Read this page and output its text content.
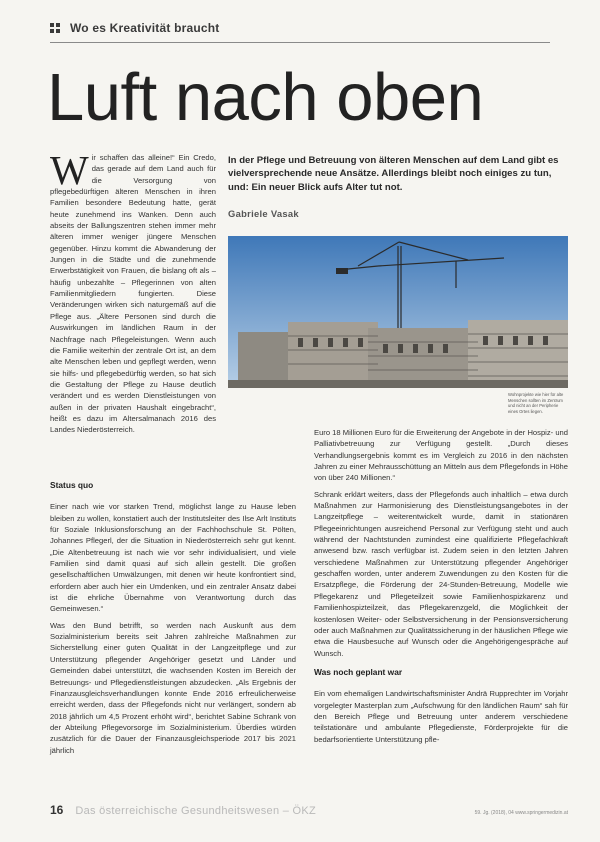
Wo es Kreativität braucht
Luft nach oben

Wir schaffen das alleine!“ Ein Credo, das gerade auf dem Land auch für die Versorgung von pflegebedürftigen älteren Menschen in ihren Familien besondere Bedeutung hatte, gerät heute zunehmend ins Wanken. Denn auch abseits der Ballungszentren stehen immer mehr älteren immer weniger jüngere Menschen gegenüber. Hinzu kommt die Abwanderung der Jungen in die Städte und die zunehmende Erwerbstätigkeit von Frauen, die bislang oft als – häufig unbezahlte – Pflegerinnen von alten Familienmitgliedern fungierten. Diese Veränderungen wirken sich naturgemäß auf die Pflege aus. „Ältere Personen sind durch die Auswirkungen im ländlichen Raum in der Nachfrage nach Pflegeleistungen. Wenn auch die Familie weiterhin der zentrale Ort ist, an dem alte Menschen leben und gepflegt werden, wenn sie hilfs- und pflegebedürftig werden, so hat sich die Gestaltung der Pflege zu Hause deutlich verändert und es werden Dienstleistungen von außen in der privaten Haushalt eingebracht“, heißt es dazu im Altersalmanach 2016 des Landes Niederösterreich.

In der Pflege und Betreuung von älteren Menschen auf dem Land gibt es vielversprechende neue Ansätze. Allerdings bleibt noch einiges zu tun, und: Ein neuer Blick aufs Alter tut not.
Gabriele Vasak
Wohnprojekte wie hier für alte Menschen sollten im Zentrum und nicht an der Peripherie eines Ortes liegen.
Status quo

Einer nach wie vor starken Trend, möglichst lange zu Hause leben bleiben zu wollen, konstatiert auch der Institutsleiter des Ilse Arlt Instituts für Soziale Inklusionsforschung an der Fachhochschule St. Pölten, Johannes Pflegerl, der die Situation in Niederösterreich sehr gut kennt. „Die Altenbetreuung ist nach wie vor sehr individualisiert, und viele Familien sind damit quasi auf sich allein gestellt. Die großen gesellschaftlichen Umwälzungen, mit denen wir heute konfrontiert sind, erfordern aber auch hier ein Umdenken, und ein zentraler Ansatz dabei ist die ehrliche Übernahme von Verantwortung durch das Gemeinwesen.“

Was den Bund betrifft, so werden nach Auskunft aus dem Sozialministerium bereits seit Jahren zahlreiche Maßnahmen zur Sicherstellung einer guten Qualität in der Langzeitpflege und zur Unterstützung pflegender Angehöriger gesetzt und Länder und Gemeinden dabei unterstützt, die wachsenden Kosten im Bereich der Betreuungs- und Pflegedienstleistungen abzudecken. „Als Ergebnis der Finanzausgleichsverhandlungen konnte Ende 2016 erfreulicherweise erreicht werden, dass der Pflegefonds nicht nur verlängert, sondern ab 2018 jährlich um 4,5 Prozent erhöht wird“, berichtet Sabine Schrank von der Abteilung Pflegevorsorge im Sozialministerium. Überdies würden zusätzlich für die Dauer der Finanzausgleichsperiode 2017 bis 2021 jährlich

Euro 18 Millionen Euro für die Erweiterung der Angebote in der Hospiz- und Palliativbetreuung zur Verfügung gestellt. „Durch dieses Verhandlungsergebnis kommt es im Vergleich zu 2016 in den nächsten Jahren zu einer Mehrausschüttung an Mitteln aus dem Pflegefonds in Höhe von über 240 Millionen.“

Schrank erklärt weiters, dass der Pflegefonds auch inhaltlich – etwa durch Maßnahmen zur Harmonisierung des Dienstleistungsangebotes in der Langzeitpflege – weiterentwickelt wurde, damit in stationären Pflegeeinrichtungen ausreichend Personal zur Verfügung steht und auch während der Nachtstunden zumindest eine qualifizierte Pflegefachkraft anwesend bzw. rasch verfügbar ist. Zudem seien in den letzten Jahren verschiedene Maßnahmen zur Unterstützung pflegender Angehöriger geschaffen worden, unter anderem Zuwendungen zu den Kosten für die Ersatzpflege, die Förderung der 24-Stunden-Betreuung, Modelle wie Pflegekarenz und Pflegeteilzeit sowie Familienhospizkarenz und Familienhospizteilzeit, das Pflegekarenzgeld, die Möglichkeit der kostenlosen Weiter- oder Selbstversicherung in der Pensionsversicherung oder auch Maßnahmen zur Qualitätssicherung in der häuslichen Pflege wie etwa die Hausbesuche auf Wunsch oder die Angehörigengespräche auf Wunsch.

Was noch geplant war

Ein vom ehemaligen Landwirtschaftsminister Andrä Rupprechter im Vorjahr vorgelegter Masterplan zum „Aufschwung für den ländlichen Raum“ sah für den Bereich Pflege und Betreuung unter anderem verschiedene teilstationäre und ambulante Pflegedienste, Förderprojekte für die bedarfsorientierte Unterstützung pfle-

16 Das österreichische Gesundheitswesen – ÖKZ	59. Jg. (2018), 04 www.springermedizin.at
